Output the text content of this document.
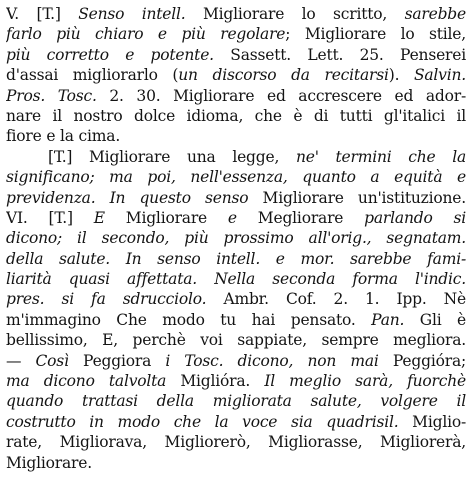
V. [T.] Senso intell. Migliorare lo scritto, sarebbe
farlo più chiaro e più regolare; Migliorare lo stile,
più corretto e potente. Sassett. Lett. 25. Penserei
d'assai migliorarlo (un discorso da recitarsi). Salvin.
Pros. Tosc. 2. 30. Migliorare ed accrescere ed ador-
nare il nostro dolce idioma, che è di tutti gl'italici il
fiore e la cima.
[T.] Migliorare una legge, ne' termini che la
significano; ma poi, nell'essenza, quanto a equità e
previdenza. In questo senso Migliorare un'istituzione.
VI. [T.] E Migliorare e Megliorare parlando si
dicono; il secondo, più prossimo all'orig., segnatam.
della salute. In senso intell. e mor. sarebbe fami-
liarità quasi affettata. Nella seconda forma l'indic.
pres. si fa sdrucciolo. Ambr. Cof. 2. 1. Ipp. Nè
m'immagino Che modo tu hai pensato. Pan. Gli è
bellissimo, E, perchè voi sappiate, sempre megliora.
— Così Peggiora i Tosc. dicono, non mai Peggióra;
ma dicono talvolta Miglióra. Il meglio sarà, fuorchè
quando trattasi della migliorata salute, volgere il
costrutto in modo che la voce sia quadrisil. Miglio-
rate, Migliorava, Migliorerò, Migliorasse, Migliorerà,
Migliorare.
